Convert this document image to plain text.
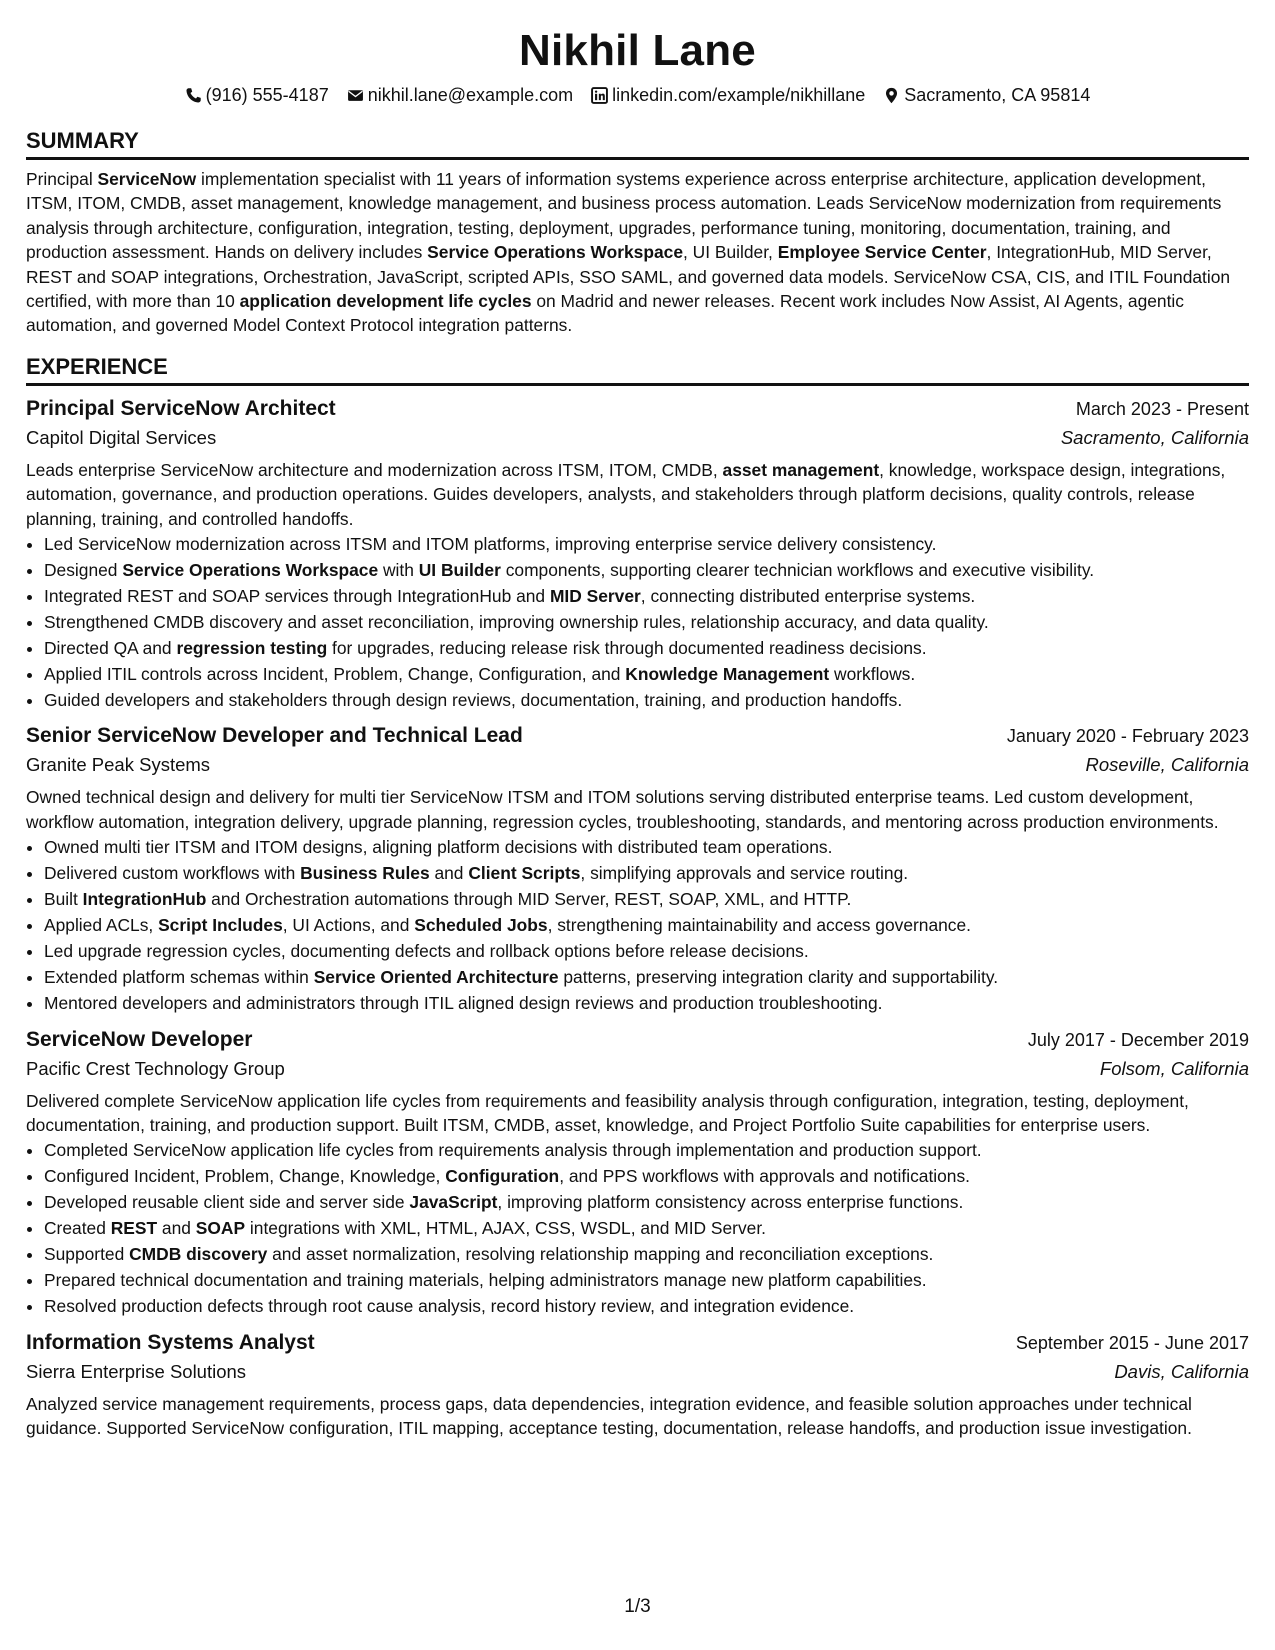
Nikhil Lane
(916) 555-4187 nikhil.lane@example.com linkedin.com/example/nikhillane Sacramento, CA 95814
SUMMARY
Principal ServiceNow implementation specialist with 11 years of information systems experience across enterprise architecture, application development, ITSM, ITOM, CMDB, asset management, knowledge management, and business process automation. Leads ServiceNow modernization from requirements analysis through architecture, configuration, integration, testing, deployment, upgrades, performance tuning, monitoring, documentation, training, and production assessment. Hands on delivery includes Service Operations Workspace, UI Builder, Employee Service Center, IntegrationHub, MID Server, REST and SOAP integrations, Orchestration, JavaScript, scripted APIs, SSO SAML, and governed data models. ServiceNow CSA, CIS, and ITIL Foundation certified, with more than 10 application development life cycles on Madrid and newer releases. Recent work includes Now Assist, AI Agents, agentic automation, and governed Model Context Protocol integration patterns.
EXPERIENCE
Principal ServiceNow Architect	March 2023 - Present
Capitol Digital Services	Sacramento, California
Leads enterprise ServiceNow architecture and modernization across ITSM, ITOM, CMDB, asset management, knowledge, workspace design, integrations, automation, governance, and production operations. Guides developers, analysts, and stakeholders through platform decisions, quality controls, release planning, training, and controlled handoffs.
• Led ServiceNow modernization across ITSM and ITOM platforms, improving enterprise service delivery consistency.
• Designed Service Operations Workspace with UI Builder components, supporting clearer technician workflows and executive visibility.
• Integrated REST and SOAP services through IntegrationHub and MID Server, connecting distributed enterprise systems.
• Strengthened CMDB discovery and asset reconciliation, improving ownership rules, relationship accuracy, and data quality.
• Directed QA and regression testing for upgrades, reducing release risk through documented readiness decisions.
• Applied ITIL controls across Incident, Problem, Change, Configuration, and Knowledge Management workflows.
• Guided developers and stakeholders through design reviews, documentation, training, and production handoffs.
Senior ServiceNow Developer and Technical Lead	January 2020 - February 2023
Granite Peak Systems	Roseville, California
Owned technical design and delivery for multi tier ServiceNow ITSM and ITOM solutions serving distributed enterprise teams. Led custom development, workflow automation, integration delivery, upgrade planning, regression cycles, troubleshooting, standards, and mentoring across production environments.
• Owned multi tier ITSM and ITOM designs, aligning platform decisions with distributed team operations.
• Delivered custom workflows with Business Rules and Client Scripts, simplifying approvals and service routing.
• Built IntegrationHub and Orchestration automations through MID Server, REST, SOAP, XML, and HTTP.
• Applied ACLs, Script Includes, UI Actions, and Scheduled Jobs, strengthening maintainability and access governance.
• Led upgrade regression cycles, documenting defects and rollback options before release decisions.
• Extended platform schemas within Service Oriented Architecture patterns, preserving integration clarity and supportability.
• Mentored developers and administrators through ITIL aligned design reviews and production troubleshooting.
ServiceNow Developer	July 2017 - December 2019
Pacific Crest Technology Group	Folsom, California
Delivered complete ServiceNow application life cycles from requirements and feasibility analysis through configuration, integration, testing, deployment, documentation, training, and production support. Built ITSM, CMDB, asset, knowledge, and Project Portfolio Suite capabilities for enterprise users.
• Completed ServiceNow application life cycles from requirements analysis through implementation and production support.
• Configured Incident, Problem, Change, Knowledge, Configuration, and PPS workflows with approvals and notifications.
• Developed reusable client side and server side JavaScript, improving platform consistency across enterprise functions.
• Created REST and SOAP integrations with XML, HTML, AJAX, CSS, WSDL, and MID Server.
• Supported CMDB discovery and asset normalization, resolving relationship mapping and reconciliation exceptions.
• Prepared technical documentation and training materials, helping administrators manage new platform capabilities.
• Resolved production defects through root cause analysis, record history review, and integration evidence.
Information Systems Analyst	September 2015 - June 2017
Sierra Enterprise Solutions	Davis, California
Analyzed service management requirements, process gaps, data dependencies, integration evidence, and feasible solution approaches under technical guidance. Supported ServiceNow configuration, ITIL mapping, acceptance testing, documentation, release handoffs, and production issue investigation.
1/3
